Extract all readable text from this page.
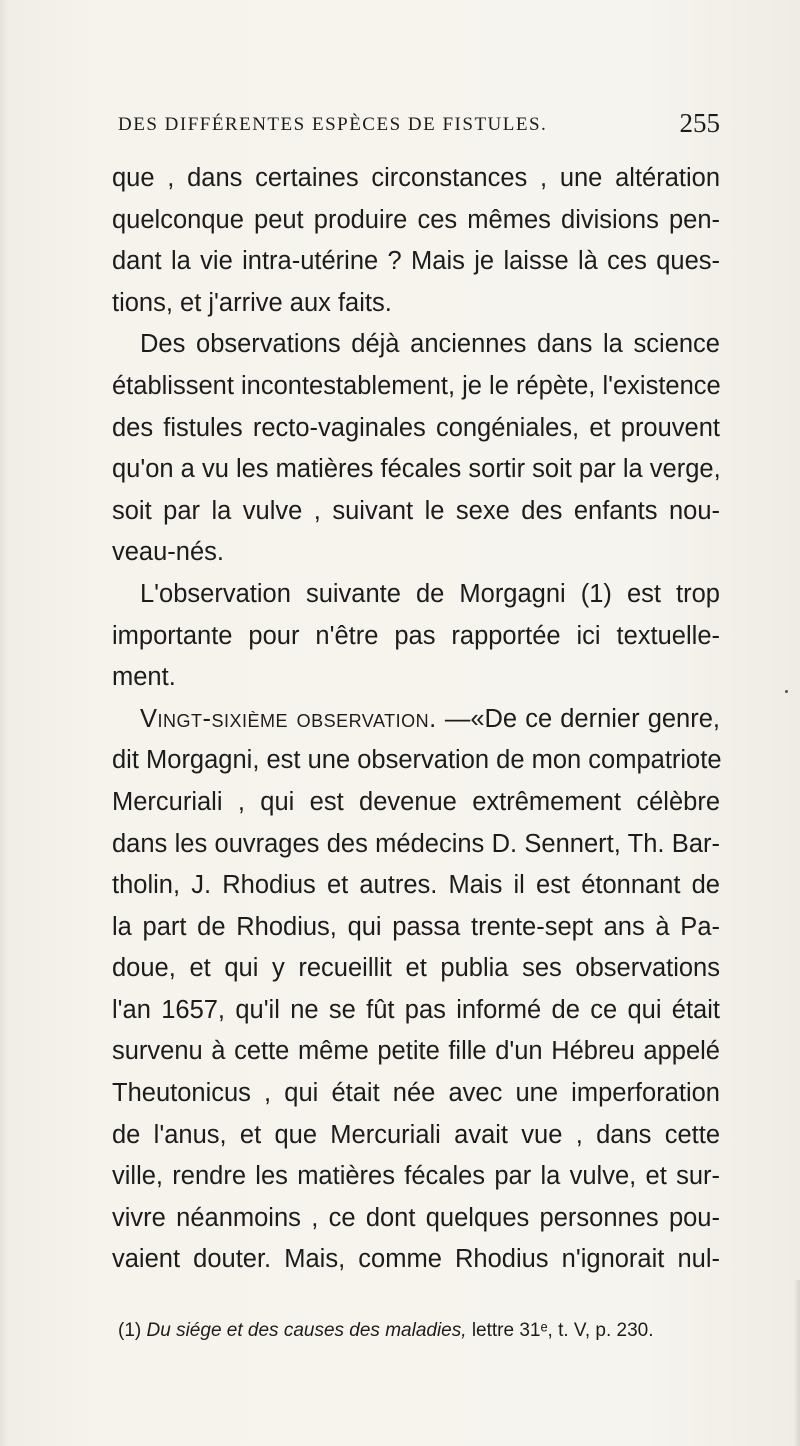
DES DIFFÉRENTES ESPÈCES DE FISTULES.	255
que , dans certaines circonstances , une altération
quelconque peut produire ces mêmes divisions pen-
dant la vie intra-utérine ? Mais je laisse là ces ques-
tions, et j'arrive aux faits.
Des observations déjà anciennes dans la science
établissent incontestablement, je le répète, l'existence
des fistules recto-vaginales congéniales, et prouvent
qu'on a vu les matières fécales sortir soit par la verge,
soit par la vulve , suivant le sexe des enfants nou-
veau-nés.
L'observation suivante de Morgagni (1) est trop
importante pour n'être pas rapportée ici textuelle-
ment.
Vingt-sixième observation. —«De ce dernier genre,
dit Morgagni, est une observation de mon compatriote
Mercuriali , qui est devenue extrêmement célèbre
dans les ouvrages des médecins D. Sennert, Th. Bar-
tholin, J. Rhodius et autres. Mais il est étonnant de
la part de Rhodius, qui passa trente-sept ans à Pa-
doue, et qui y recueillit et publia ses observations
l'an 1657, qu'il ne se fût pas informé de ce qui était
survenu à cette même petite fille d'un Hébreu appelé
Theutonicus , qui était née avec une imperforation
de l'anus, et que Mercuriali avait vue , dans cette
ville, rendre les matières fécales par la vulve, et sur-
vivre néanmoins , ce dont quelques personnes pou-
vaient douter. Mais, comme Rhodius n'ignorait nul-
(1) Du siége et des causes des maladies, lettre 31ᵉ, t. V, p. 230.
